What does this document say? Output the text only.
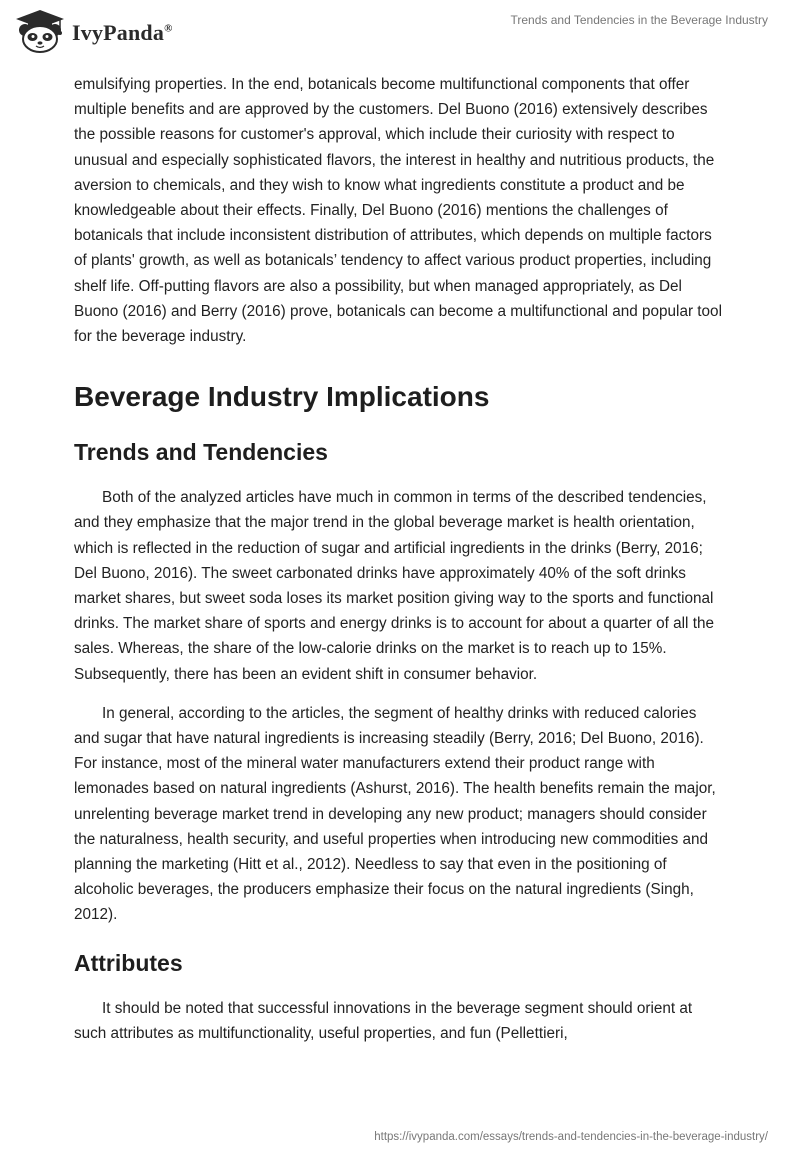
IvyPanda®
Trends and Tendencies in the Beverage Industry

emulsifying properties. In the end, botanicals become multifunctional components that offer multiple benefits and are approved by the customers. Del Buono (2016) extensively describes the possible reasons for customer's approval, which include their curiosity with respect to unusual and especially sophisticated flavors, the interest in healthy and nutritious products, the aversion to chemicals, and they wish to know what ingredients constitute a product and be knowledgeable about their effects. Finally, Del Buono (2016) mentions the challenges of botanicals that include inconsistent distribution of attributes, which depends on multiple factors of plants' growth, as well as botanicals’ tendency to affect various product properties, including shelf life. Off-putting flavors are also a possibility, but when managed appropriately, as Del Buono (2016) and Berry (2016) prove, botanicals can become a multifunctional and popular tool for the beverage industry.

Beverage Industry Implications
Trends and Tendencies

Both of the analyzed articles have much in common in terms of the described tendencies, and they emphasize that the major trend in the global beverage market is health orientation, which is reflected in the reduction of sugar and artificial ingredients in the drinks (Berry, 2016; Del Buono, 2016). The sweet carbonated drinks have approximately 40% of the soft drinks market shares, but sweet soda loses its market position giving way to the sports and functional drinks. The market share of sports and energy drinks is to account for about a quarter of all the sales. Whereas, the share of the low-calorie drinks on the market is to reach up to 15%. Subsequently, there has been an evident shift in consumer behavior.

In general, according to the articles, the segment of healthy drinks with reduced calories and sugar that have natural ingredients is increasing steadily (Berry, 2016; Del Buono, 2016). For instance, most of the mineral water manufacturers extend their product range with lemonades based on natural ingredients (Ashurst, 2016). The health benefits remain the major, unrelenting beverage market trend in developing any new product; managers should consider the naturalness, health security, and useful properties when introducing new commodities and planning the marketing (Hitt et al., 2012). Needless to say that even in the positioning of alcoholic beverages, the producers emphasize their focus on the natural ingredients (Singh, 2012).

Attributes

It should be noted that successful innovations in the beverage segment should orient at such attributes as multifunctionality, useful properties, and fun (Pellettieri,

https://ivypanda.com/essays/trends-and-tendencies-in-the-beverage-industry/
